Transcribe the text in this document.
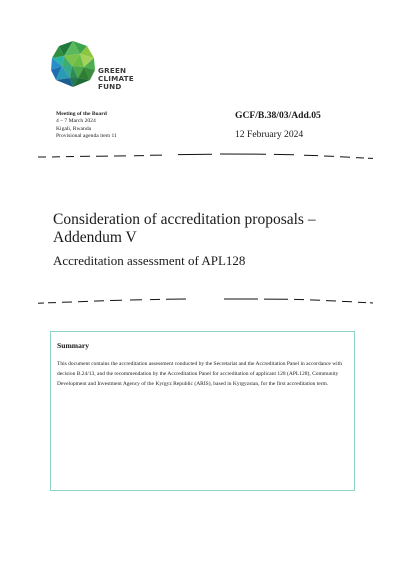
GREEN
CLIMATE
FUND
Meeting of the Board
4 – 7 March 2024
Kigali, Rwanda
Provisional agenda item 11
GCF/B.38/03/Add.05
12 February 2024
Consideration of accreditation proposals – Addendum V
Accreditation assessment of APL128
Summary
This document contains the accreditation assessment conducted by the Secretariat and the Accreditation Panel in accordance with decision B.24/13, and the recommendation by the Accreditation Panel for accreditation of applicant 128 (APL128), Community Development and Investment Agency of the Kyrgyz Republic (ARIS), based in Kyrgyzstan, for the first accreditation term.
